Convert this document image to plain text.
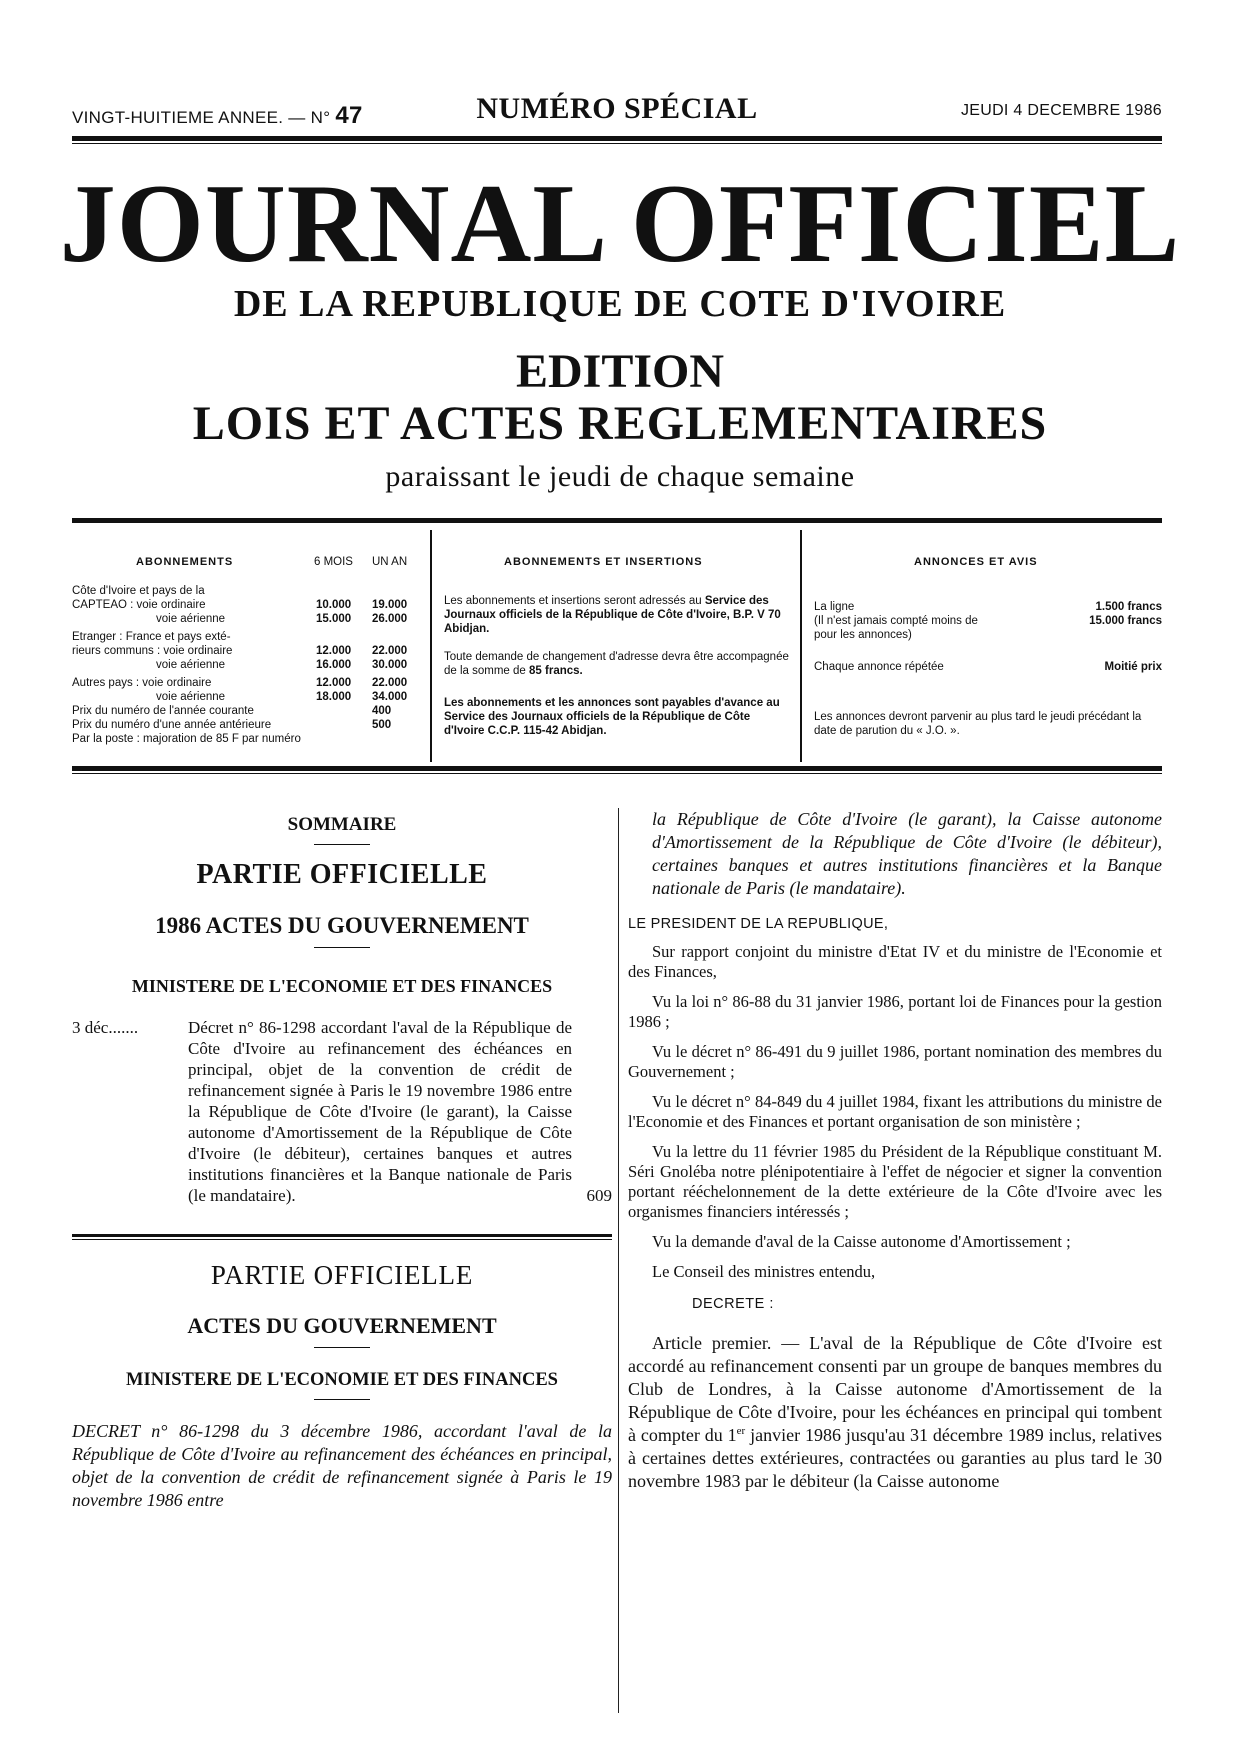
VINGT-HUITIEME ANNEE. — N° 47	NUMÉRO SPÉCIAL	JEUDI 4 DECEMBRE 1986
JOURNAL OFFICIEL
DE LA REPUBLIQUE DE COTE D'IVOIRE
EDITION
LOIS ET ACTES REGLEMENTAIRES
paraissant le jeudi de chaque semaine
ABONNEMENTS	6 MOIS UN AN
Côte d'Ivoire et pays de la
CAPTEAO : voie ordinaire	10.000 19.000
voie aérienne	15.000 26.000
Etranger : France et pays exté-
rieurs communs : voie ordinaire	12.000 22.000
voie aérienne	16.000 30.000
Autres pays : voie ordinaire	12.000 22.000
voie aérienne	18.000 34.000
Prix du numéro de l'année courante	400
Prix du numéro d'une année antérieure	500
Par la poste : majoration de 85 F par numéro
ABONNEMENTS ET INSERTIONS
Les abonnements et insertions seront adressés au Service des Journaux officiels de la République de Côte d'Ivoire, B.P. V 70 Abidjan.
Toute demande de changement d'adresse devra être accompagnée de la somme de 85 francs.
Les abonnements et les annonces sont payables d'avance au Service des Journaux officiels de la République de Côte d'Ivoire C.C.P. 115-42 Abidjan.
ANNONCES ET AVIS
La ligne	1.500 francs
(Il n'est jamais compté moins de	15.000 francs
pour les annonces)
Chaque annonce répétée	Moitié prix
Les annonces devront parvenir au plus tard le jeudi précédant la date de parution du « J.O. ».
SOMMAIRE
PARTIE OFFICIELLE
1986 ACTES DU GOUVERNEMENT
MINISTERE DE L'ECONOMIE ET DES FINANCES
3 déc.......	Décret n° 86-1298 accordant l'aval de la République de Côte d'Ivoire au refinancement des échéances en principal, objet de la convention de crédit de refinancement signée à Paris le 19 novembre 1986 entre la République de Côte d'Ivoire (le garant), la Caisse autonome d'Amortissement de la République de Côte d'Ivoire (le débiteur), certaines banques et autres institutions financières et la Banque nationale de Paris (le mandataire).	609
PARTIE OFFICIELLE
ACTES DU GOUVERNEMENT
MINISTERE DE L'ECONOMIE ET DES FINANCES
DECRET n° 86-1298 du 3 décembre 1986, accordant l'aval de la République de Côte d'Ivoire au refinancement des échéances en principal, objet de la convention de crédit de refinancement signée à Paris le 19 novembre 1986 entre
la République de Côte d'Ivoire (le garant), la Caisse autonome d'Amortissement de la République de Côte d'Ivoire (le débiteur), certaines banques et autres institutions financières et la Banque nationale de Paris (le mandataire).
LE PRESIDENT DE LA REPUBLIQUE,
Sur rapport conjoint du ministre d'Etat IV et du ministre de l'Economie et des Finances,
Vu la loi n° 86-88 du 31 janvier 1986, portant loi de Finances pour la gestion 1986 ;
Vu le décret n° 86-491 du 9 juillet 1986, portant nomination des membres du Gouvernement ;
Vu le décret n° 84-849 du 4 juillet 1984, fixant les attributions du ministre de l'Economie et des Finances et portant organisation de son ministère ;
Vu la lettre du 11 février 1985 du Président de la République constituant M. Séri Gnoléba notre plénipotentiaire à l'effet de négocier et signer la convention portant rééchelonnement de la dette extérieure de la Côte d'Ivoire avec les organismes financiers intéressés ;
Vu la demande d'aval de la Caisse autonome d'Amortissement ;
Le Conseil des ministres entendu,
DECRETE :
Article premier. — L'aval de la République de Côte d'Ivoire est accordé au refinancement consenti par un groupe de banques membres du Club de Londres, à la Caisse autonome d'Amortissement de la République de Côte d'Ivoire, pour les échéances en principal qui tombent à compter du 1er janvier 1986 jusqu'au 31 décembre 1989 inclus, relatives à certaines dettes extérieures, contractées ou garanties au plus tard le 30 novembre 1983 par le débiteur (la Caisse autonome
